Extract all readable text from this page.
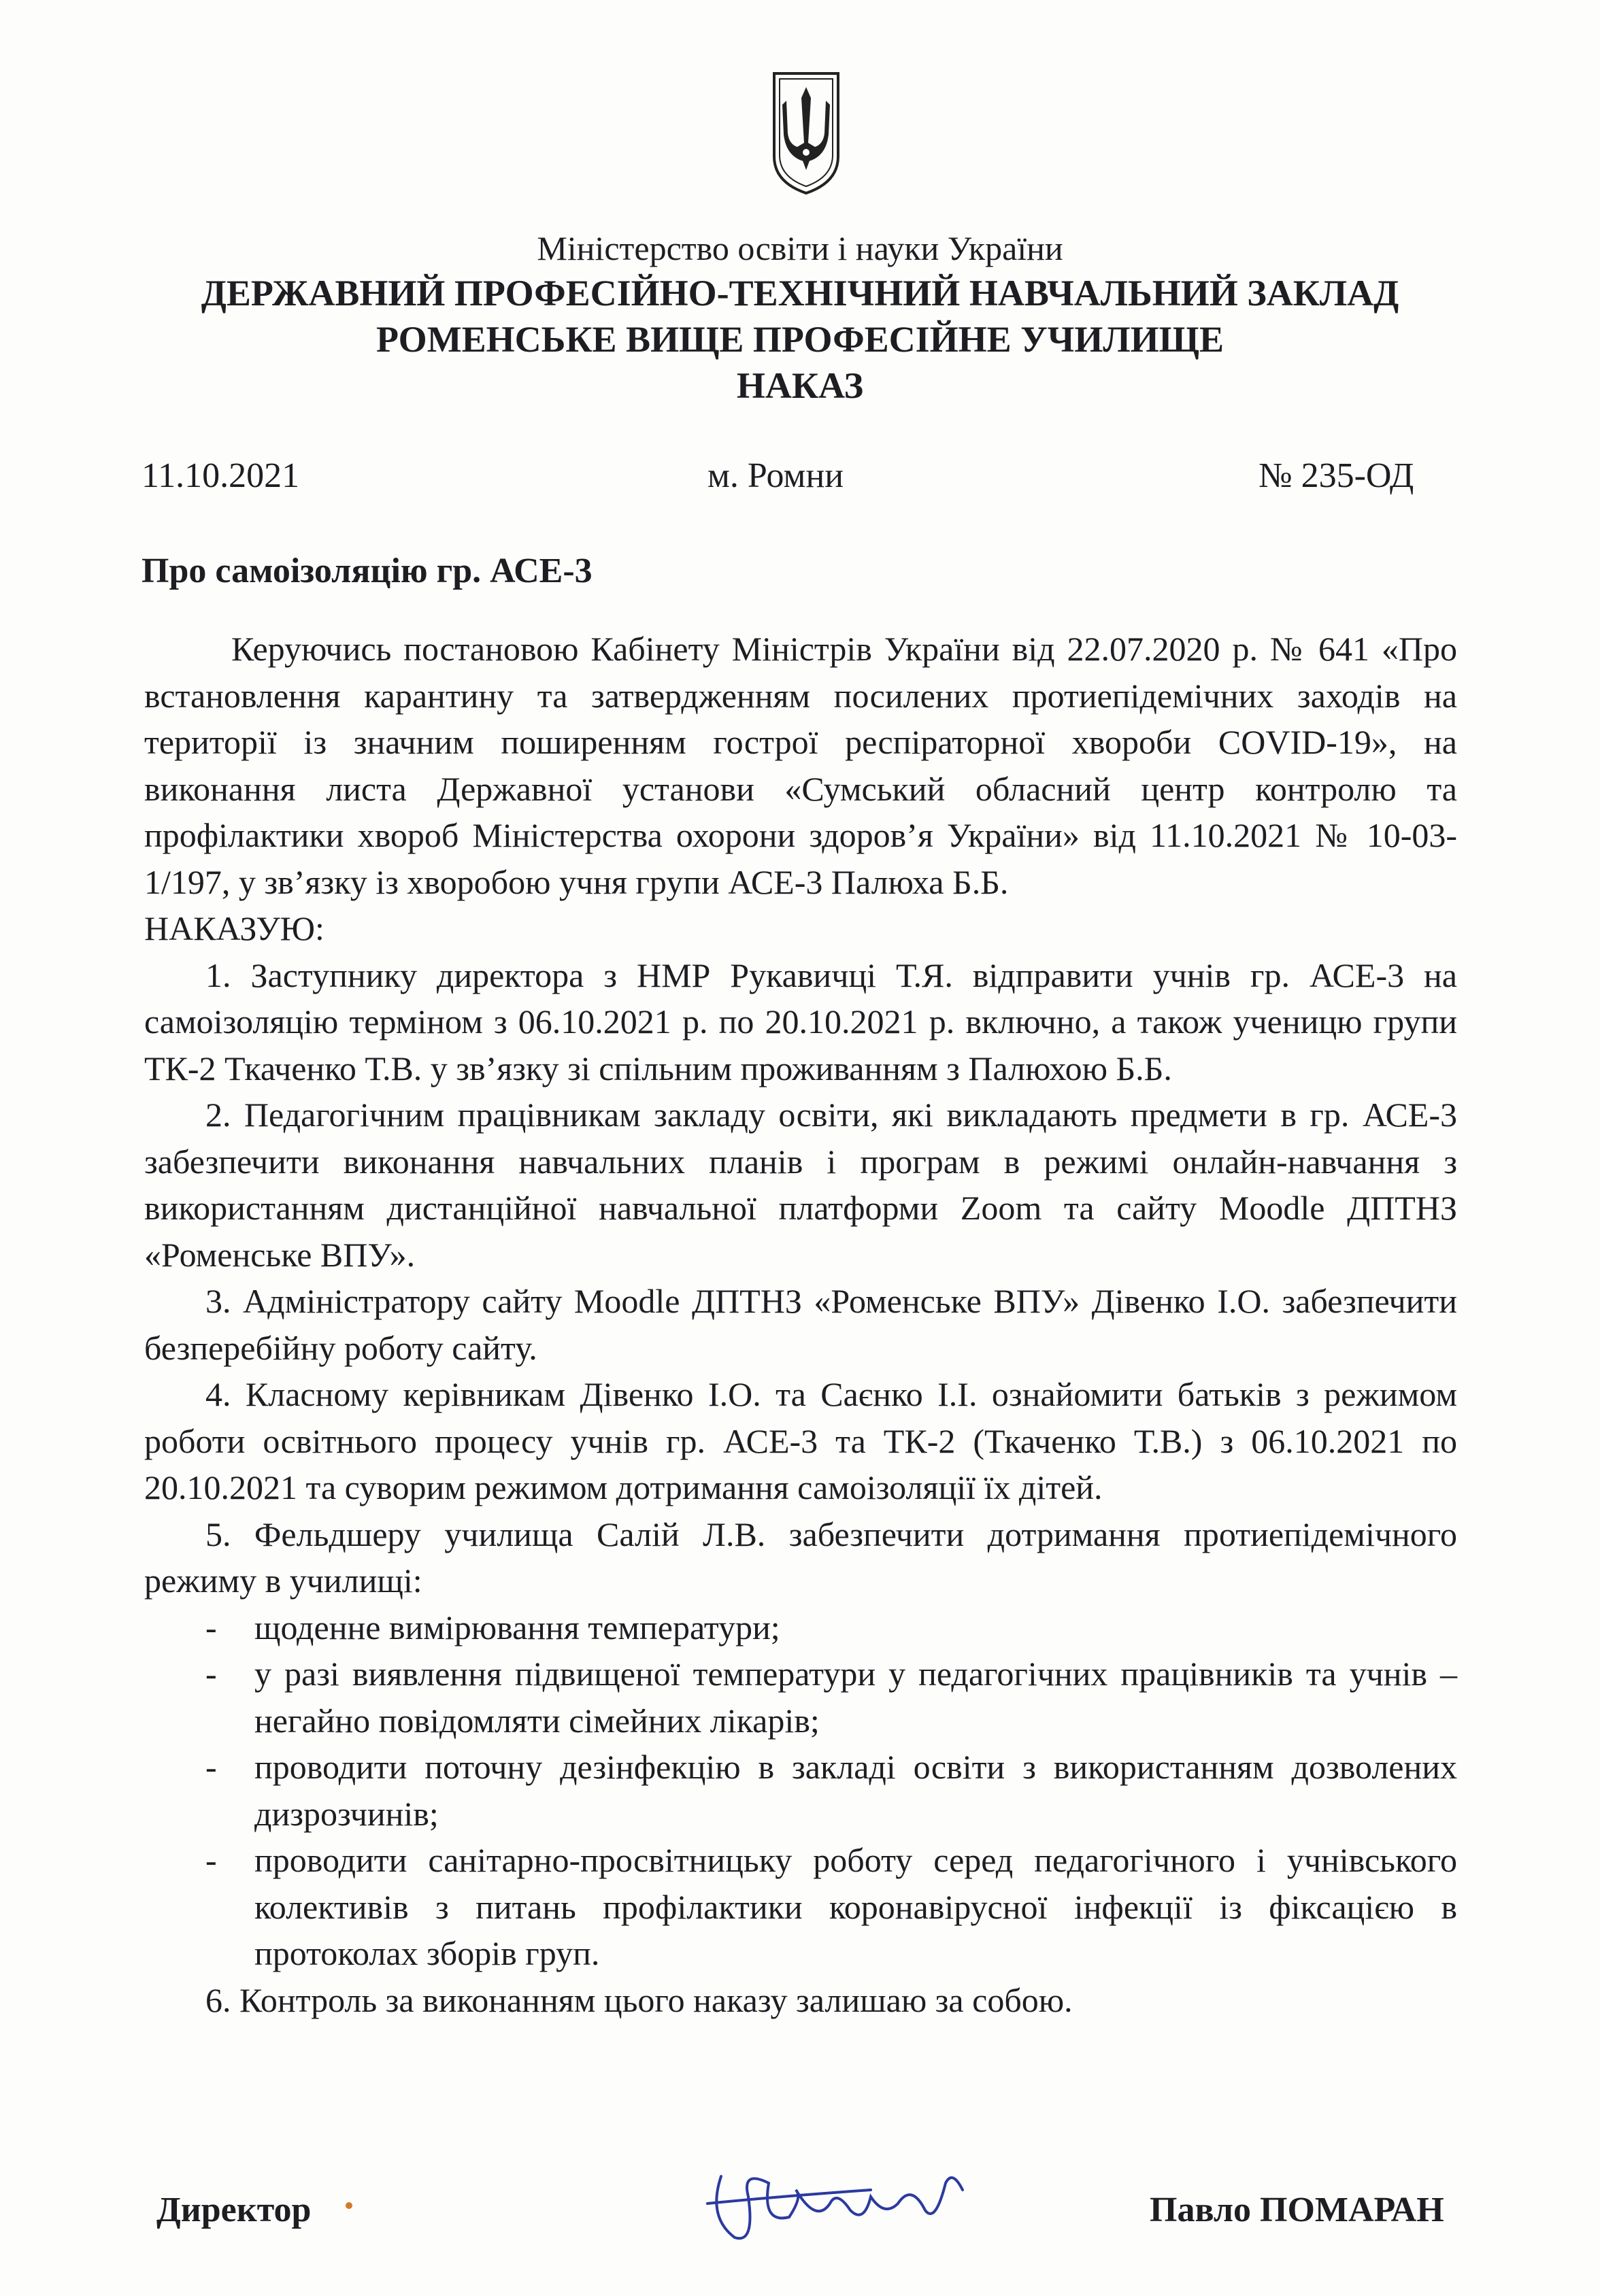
Міністерство освіти і науки України
ДЕРЖАВНИЙ ПРОФЕСІЙНО-ТЕХНІЧНИЙ НАВЧАЛЬНИЙ ЗАКЛАД
РОМЕНСЬКЕ ВИЩЕ ПРОФЕСІЙНЕ УЧИЛИЩЕ
НАКАЗ
11.10.2021	м. Ромни	№ 235-ОД
Про самоізоляцію гр. АСЕ-3

Керуючись постановою Кабінету Міністрів України від 22.07.2020 р. № 641 «Про встановлення карантину та затвердженням посилених протиепідемічних заходів на території із значним поширенням гострої респіраторної хвороби COVID-19», на виконання листа Державної установи «Сумський обласний центр контролю та профілактики хвороб Міністерства охорони здоров’я України» від 11.10.2021 № 10-03-1/197, у зв’язку із хворобою учня групи АСЕ-3 Палюха Б.Б.

НАКАЗУЮ:

1. Заступнику директора з НМР Рукавичці Т.Я. відправити учнів гр. АСЕ-3 на самоізоляцію терміном з 06.10.2021 р. по 20.10.2021 р. включно, а також ученицю групи ТК-2 Ткаченко Т.В. у зв’язку зі спільним проживанням з Палюхою Б.Б.

2. Педагогічним працівникам закладу освіти, які викладають предмети в гр. АСЕ-3 забезпечити виконання навчальних планів і програм в режимі онлайн-навчання з використанням дистанційної навчальної платформи Zoom та сайту Moodle ДПТНЗ «Роменське ВПУ».

3. Адміністратору сайту Moodle ДПТНЗ «Роменське ВПУ» Дівенко І.О. забезпечити безперебійну роботу сайту.

4. Класному керівникам Дівенко І.О. та Саєнко І.І. ознайомити батьків з режимом роботи освітнього процесу учнів гр. АСЕ-3 та ТК-2 (Ткаченко Т.В.) з 06.10.2021 по 20.10.2021 та суворим режимом дотримання самоізоляції їх дітей.

5. Фельдшеру училища Салій Л.В. забезпечити дотримання протиепідемічного режиму в училищі:

- щоденне вимірювання температури;
- у разі виявлення підвищеної температури у педагогічних працівників та учнів – негайно повідомляти сімейних лікарів;
- проводити поточну дезінфекцію в закладі освіти з використанням дозволених дизрозчинів;
- проводити санітарно-просвітницьку роботу серед педагогічного і учнівського колективів з питань профілактики коронавірусної інфекції із фіксацією в протоколах зборів груп.

6. Контроль за виконанням цього наказу залишаю за собою.

Директор	Павло ПОМАРАН
